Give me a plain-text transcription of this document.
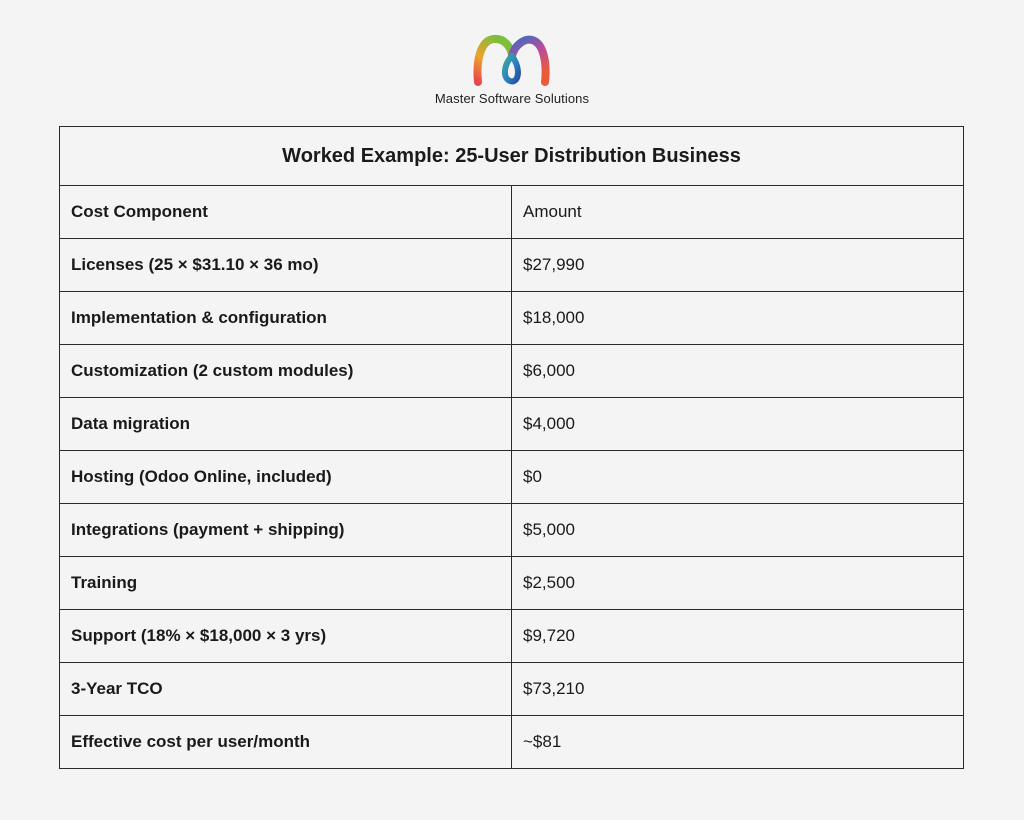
Master Software Solutions
Worked Example: 25-User Distribution Business	
Cost Component	Amount
Licenses (25 × $31.10 × 36 mo)	$27,990
Implementation & configuration	$18,000
Customization (2 custom modules)	$6,000
Data migration	$4,000
Hosting (Odoo Online, included)	$0
Integrations (payment + shipping)	$5,000
Training	$2,500
Support (18% × $18,000 × 3 yrs)	$9,720
3-Year TCO	$73,210
Effective cost per user/month	~$81
